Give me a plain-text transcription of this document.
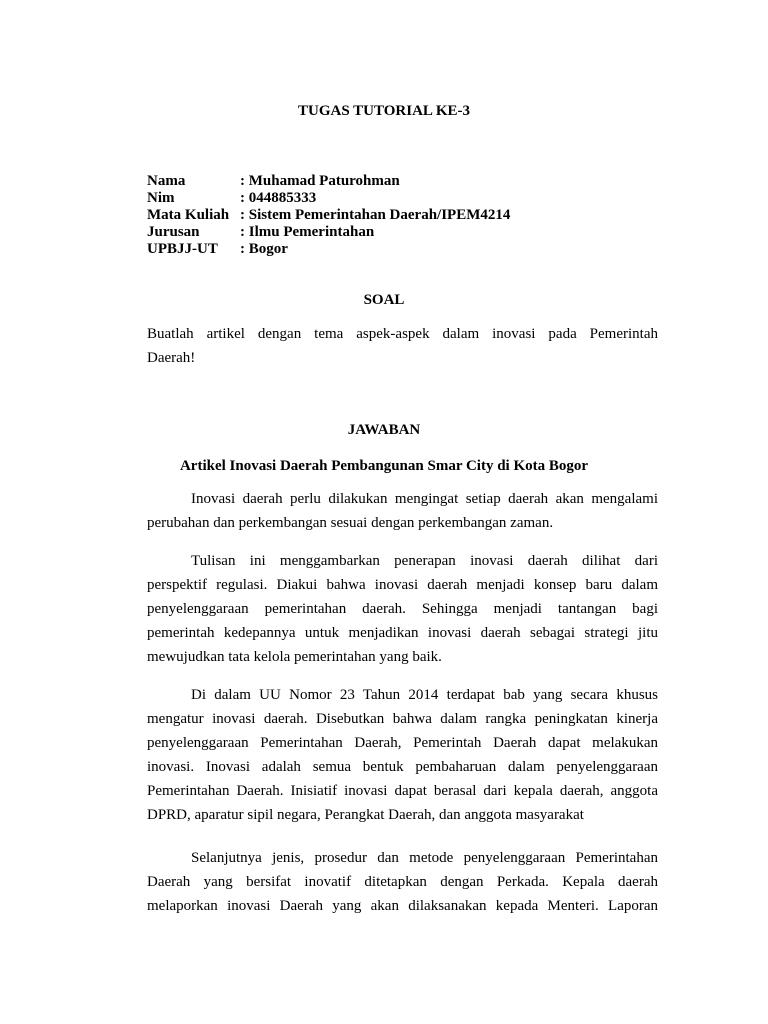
TUGAS TUTORIAL KE-3
Nama	: Muhamad Paturohman
Nim	: 044885333
Mata Kuliah : Sistem Pemerintahan Daerah/IPEM4214
Jurusan	: Ilmu Pemerintahan
UPBJJ-UT	: Bogor
SOAL
Buatlah artikel dengan tema aspek-aspek dalam inovasi pada Pemerintah
Daerah!
JAWABAN
Artikel Inovasi Daerah Pembangunan Smar City di Kota Bogor
Inovasi daerah perlu dilakukan mengingat setiap daerah akan mengalami
perubahan dan perkembangan sesuai dengan perkembangan zaman.
Tulisan ini menggambarkan penerapan inovasi daerah dilihat dari
perspektif regulasi. Diakui bahwa inovasi daerah menjadi konsep baru dalam
penyelenggaraan pemerintahan daerah. Sehingga menjadi tantangan bagi
pemerintah kedepannya untuk menjadikan inovasi daerah sebagai strategi jitu
mewujudkan tata kelola pemerintahan yang baik.
Di dalam UU Nomor 23 Tahun 2014 terdapat bab yang secara khusus
mengatur inovasi daerah. Disebutkan bahwa dalam rangka peningkatan kinerja
penyelenggaraan Pemerintahan Daerah, Pemerintah Daerah dapat melakukan
inovasi. Inovasi adalah semua bentuk pembaharuan dalam penyelenggaraan
Pemerintahan Daerah. Inisiatif inovasi dapat berasal dari kepala daerah, anggota
DPRD, aparatur sipil negara, Perangkat Daerah, dan anggota masyarakat
Selanjutnya jenis, prosedur dan metode penyelenggaraan Pemerintahan
Daerah yang bersifat inovatif ditetapkan dengan Perkada. Kepala daerah
melaporkan inovasi Daerah yang akan dilaksanakan kepada Menteri. Laporan
